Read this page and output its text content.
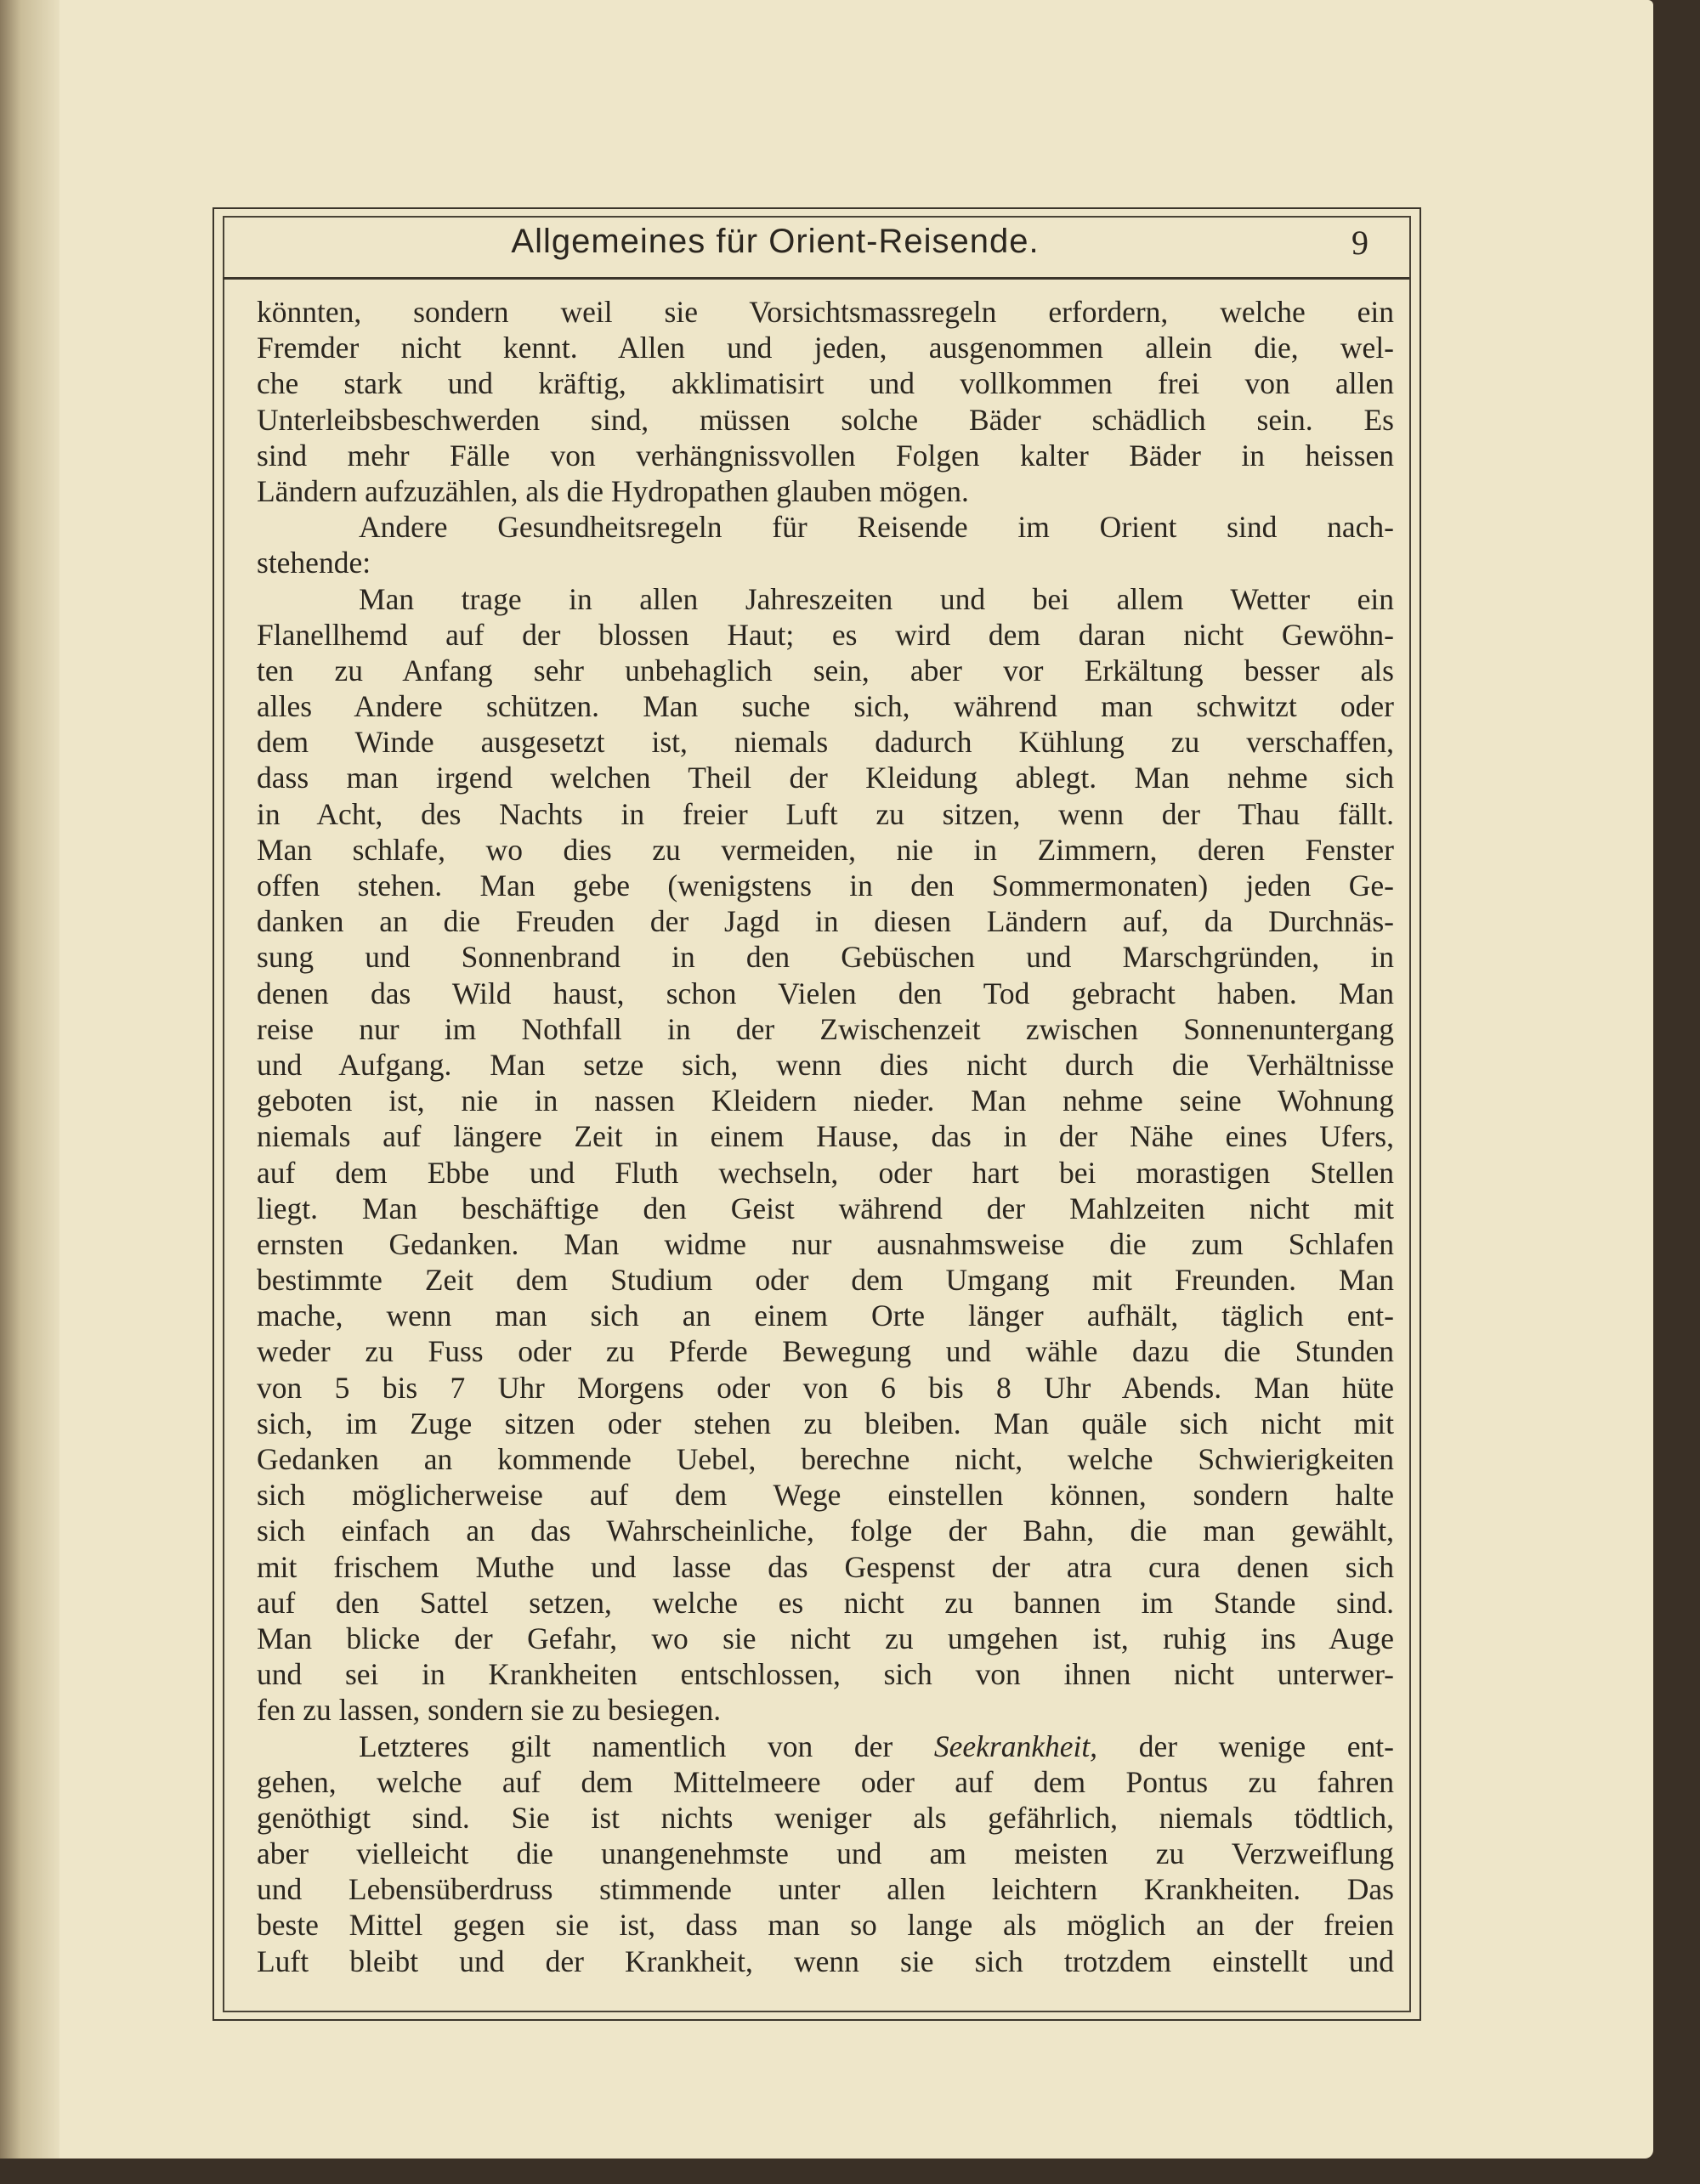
Allgemeines für Orient-Reisende.	9
könnten, sondern weil sie Vorsichtsmassregeln erfordern, welche ein
Fremder nicht kennt. Allen und jeden, ausgenommen allein die, wel-
che stark und kräftig, akklimatisirt und vollkommen frei von allen
Unterleibsbeschwerden sind, müssen solche Bäder schädlich sein. Es
sind mehr Fälle von verhängnissvollen Folgen kalter Bäder in heissen
Ländern aufzuzählen, als die Hydropathen glauben mögen.
Andere Gesundheitsregeln für Reisende im Orient sind nach-
stehende:
Man trage in allen Jahreszeiten und bei allem Wetter ein
Flanellhemd auf der blossen Haut; es wird dem daran nicht Gewöhn-
ten zu Anfang sehr unbehaglich sein, aber vor Erkältung besser als
alles Andere schützen. Man suche sich, während man schwitzt oder
dem Winde ausgesetzt ist, niemals dadurch Kühlung zu verschaffen,
dass man irgend welchen Theil der Kleidung ablegt. Man nehme sich
in Acht, des Nachts in freier Luft zu sitzen, wenn der Thau fällt.
Man schlafe, wo dies zu vermeiden, nie in Zimmern, deren Fenster
offen stehen. Man gebe (wenigstens in den Sommermonaten) jeden Ge-
danken an die Freuden der Jagd in diesen Ländern auf, da Durchnäs-
sung und Sonnenbrand in den Gebüschen und Marschgründen, in
denen das Wild haust, schon Vielen den Tod gebracht haben. Man
reise nur im Nothfall in der Zwischenzeit zwischen Sonnenuntergang
und Aufgang. Man setze sich, wenn dies nicht durch die Verhältnisse
geboten ist, nie in nassen Kleidern nieder. Man nehme seine Wohnung
niemals auf längere Zeit in einem Hause, das in der Nähe eines Ufers,
auf dem Ebbe und Fluth wechseln, oder hart bei morastigen Stellen
liegt. Man beschäftige den Geist während der Mahlzeiten nicht mit
ernsten Gedanken. Man widme nur ausnahmsweise die zum Schlafen
bestimmte Zeit dem Studium oder dem Umgang mit Freunden. Man
mache, wenn man sich an einem Orte länger aufhält, täglich ent-
weder zu Fuss oder zu Pferde Bewegung und wähle dazu die Stunden
von 5 bis 7 Uhr Morgens oder von 6 bis 8 Uhr Abends. Man hüte
sich, im Zuge sitzen oder stehen zu bleiben. Man quäle sich nicht mit
Gedanken an kommende Uebel, berechne nicht, welche Schwierigkeiten
sich möglicherweise auf dem Wege einstellen können, sondern halte
sich einfach an das Wahrscheinliche, folge der Bahn, die man gewählt,
mit frischem Muthe und lasse das Gespenst der atra cura denen sich
auf den Sattel setzen, welche es nicht zu bannen im Stande sind.
Man blicke der Gefahr, wo sie nicht zu umgehen ist, ruhig ins Auge
und sei in Krankheiten entschlossen, sich von ihnen nicht unterwer-
fen zu lassen, sondern sie zu besiegen.
Letzteres gilt namentlich von der Seekrankheit, der wenige ent-
gehen, welche auf dem Mittelmeere oder auf dem Pontus zu fahren
genöthigt sind. Sie ist nichts weniger als gefährlich, niemals tödtlich,
aber vielleicht die unangenehmste und am meisten zu Verzweiflung
und Lebensüberdruss stimmende unter allen leichtern Krankheiten. Das
beste Mittel gegen sie ist, dass man so lange als möglich an der freien
Luft bleibt und der Krankheit, wenn sie sich trotzdem einstellt und
